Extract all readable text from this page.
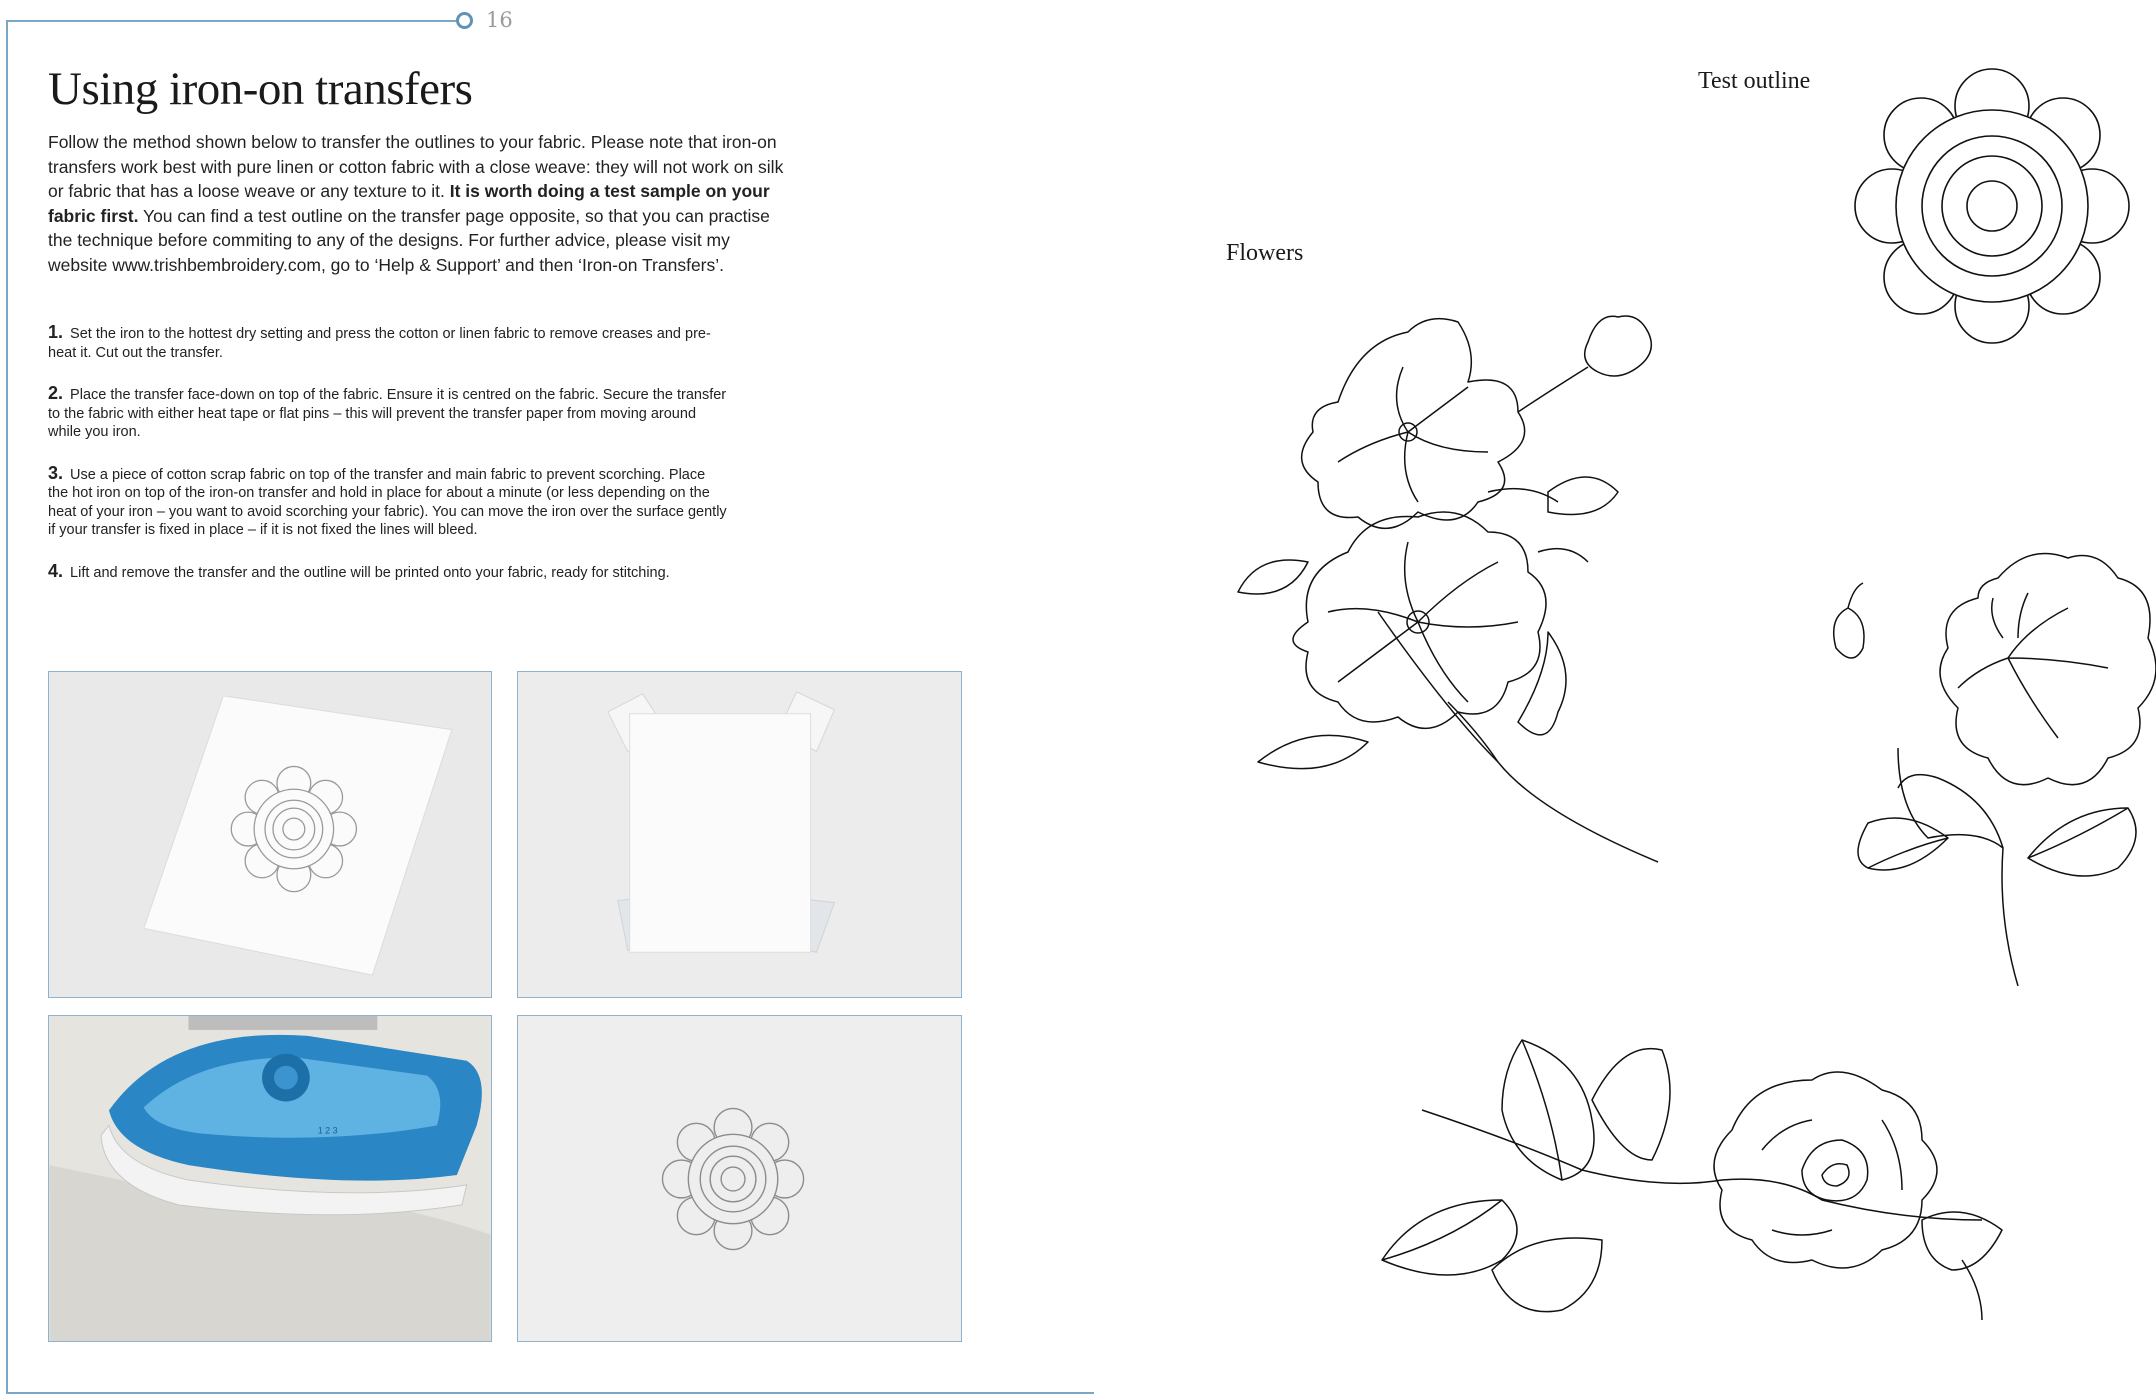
16
Using iron-on transfers
Follow the method shown below to transfer the outlines to your fabric. Please note that iron-on transfers work best with pure linen or cotton fabric with a close weave: they will not work on silk or fabric that has a loose weave or any texture to it. It is worth doing a test sample on your fabric first. You can find a test outline on the transfer page opposite, so that you can practise the technique before commiting to any of the designs. For further advice, please visit my website www.trishbembroidery.com, go to ‘Help & Support’ and then ‘Iron-on Transfers’.

1. Set the iron to the hottest dry setting and press the cotton or linen fabric to remove creases and pre-heat it. Cut out the transfer.

2. Place the transfer face-down on top of the fabric. Ensure it is centred on the fabric. Secure the transfer to the fabric with either heat tape or flat pins – this will prevent the transfer paper from moving around while you iron.

3. Use a piece of cotton scrap fabric on top of the transfer and main fabric to prevent scorching. Place the hot iron on top of the iron-on transfer and hold in place for about a minute (or less depending on the heat of your iron – you want to avoid scorching your fabric). You can move the iron over the surface gently if your transfer is fixed in place – if it is not fixed the lines will bleed.

4. Lift and remove the transfer and the outline will be printed onto your fabric, ready for stitching.

1 2 3
Test outline
Flowers
